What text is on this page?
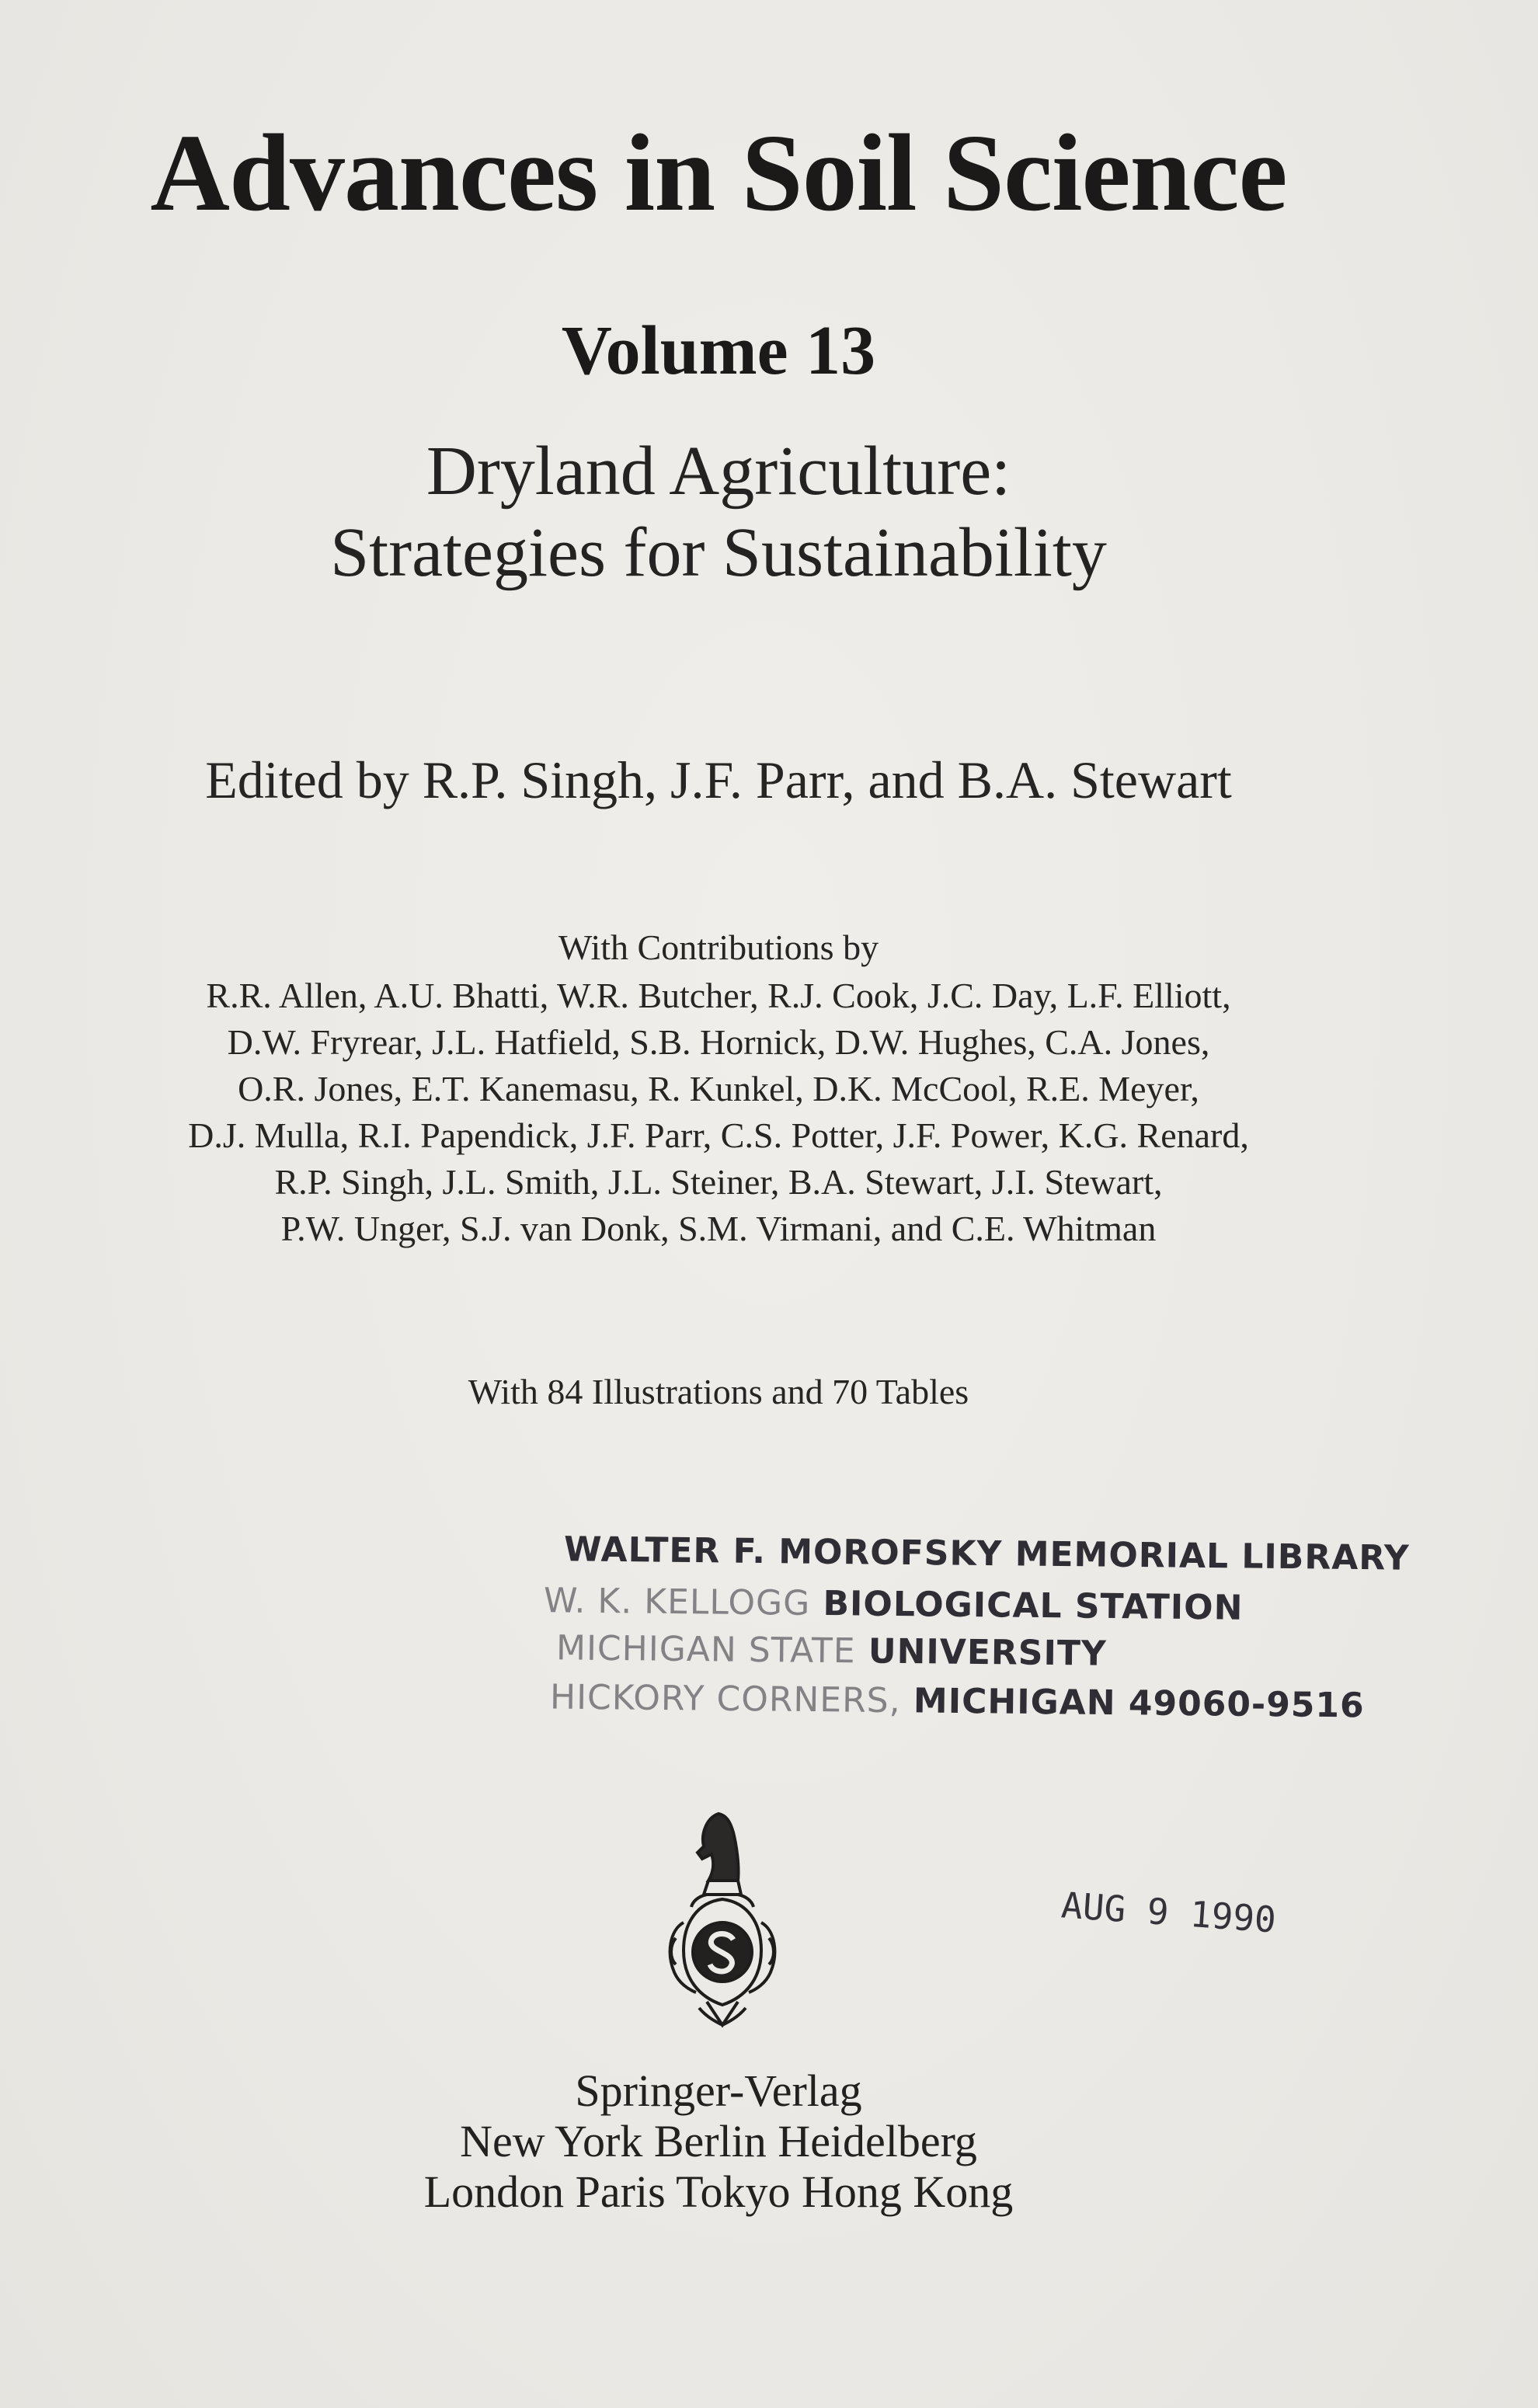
Advances in Soil Science
Volume 13
Dryland Agriculture:
Strategies for Sustainability
Edited by R.P. Singh, J.F. Parr, and B.A. Stewart
With Contributions by
R.R. Allen, A.U. Bhatti, W.R. Butcher, R.J. Cook, J.C. Day, L.F. Elliott,
D.W. Fryrear, J.L. Hatfield, S.B. Hornick, D.W. Hughes, C.A. Jones,
O.R. Jones, E.T. Kanemasu, R. Kunkel, D.K. McCool, R.E. Meyer,
D.J. Mulla, R.I. Papendick, J.F. Parr, C.S. Potter, J.F. Power, K.G. Renard,
R.P. Singh, J.L. Smith, J.L. Steiner, B.A. Stewart, J.I. Stewart,
P.W. Unger, S.J. van Donk, S.M. Virmani, and C.E. Whitman
With 84 Illustrations and 70 Tables
WALTER F. MOROFSKY MEMORIAL LIBRARY
W. K. KELLOGG BIOLOGICAL STATION
MICHIGAN STATE UNIVERSITY
HICKORY CORNERS, MICHIGAN 49060-9516
AUG 9 1990
Springer-Verlag
New York Berlin Heidelberg
London Paris Tokyo Hong Kong
